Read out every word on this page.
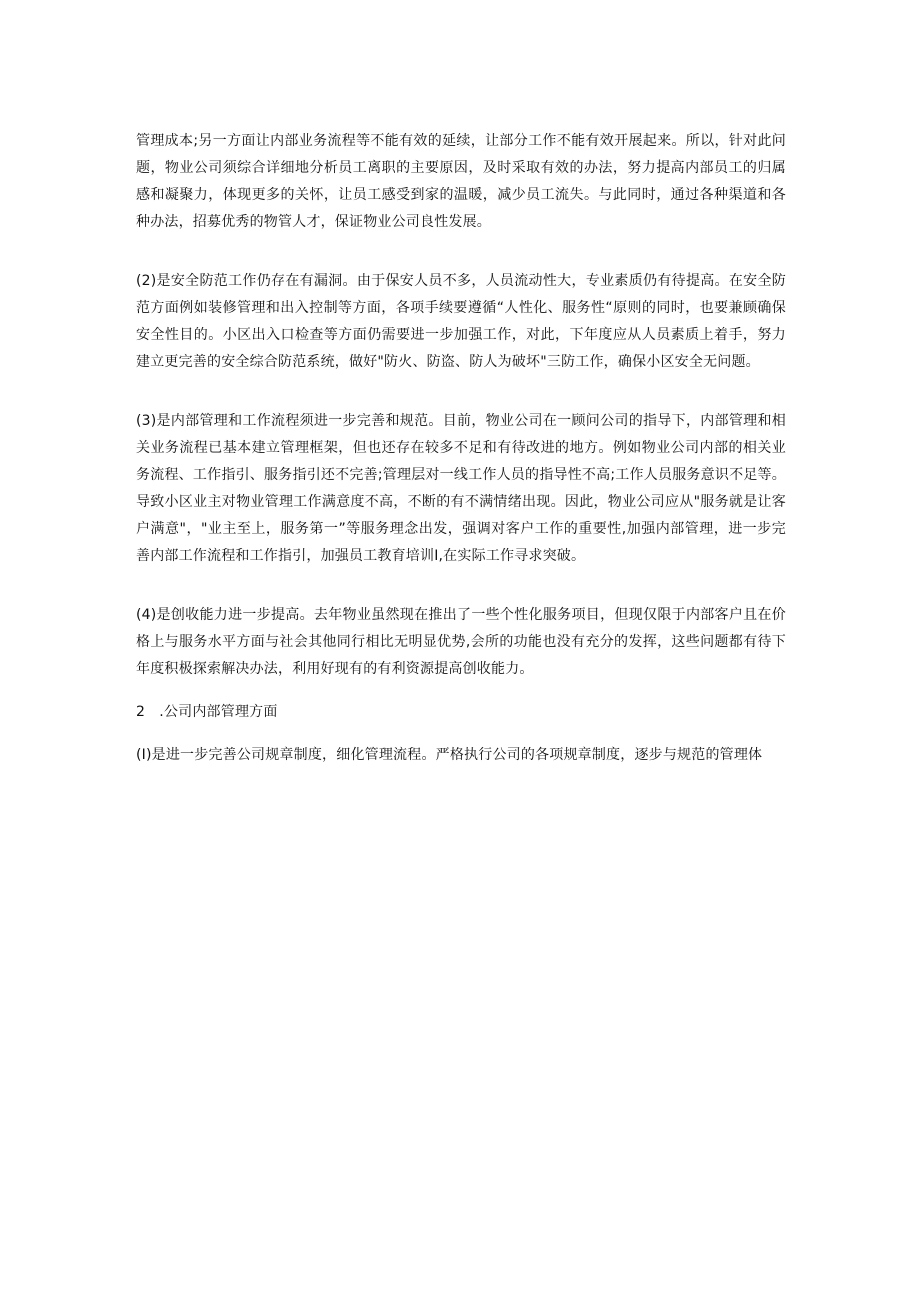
管理成本;另一方面让内部业务流程等不能有效的延续，让部分工作不能有效开展起来。所以，针对此问题，物业公司须综合详细地分析员工离职的主要原因，及时采取有效的办法，努力提高内部员工的归属感和凝聚力，体现更多的关怀，让员工感受到家的温暖，减少员工流失。与此同时，通过各种渠道和各种办法，招募优秀的物管人才，保证物业公司良性发展。

(2)是安全防范工作仍存在有漏洞。由于保安人员不多，人员流动性大，专业素质仍有待提高。在安全防范方面例如装修管理和出入控制等方面，各项手续要遵循“人性化、服务性“原则的同时，也要兼顾确保安全性目的。小区出入口检查等方面仍需要进一步加强工作，对此，下年度应从人员素质上着手，努力建立更完善的安全综合防范系统，做好"防火、防盗、防人为破坏"三防工作，确保小区安全无问题。

(3)是内部管理和工作流程须进一步完善和规范。目前，物业公司在一顾问公司的指导下，内部管理和相关业务流程已基本建立管理框架，但也还存在较多不足和有待改进的地方。例如物业公司内部的相关业务流程、工作指引、服务指引还不完善;管理层对一线工作人员的指导性不高;工作人员服务意识不足等。导致小区业主对物业管理工作满意度不高，不断的有不满情绪出现。因此，物业公司应从"服务就是让客户满意"，"业主至上，服务第一”等服务理念出发，强调对客户工作的重要性,加强内部管理，进一步完善内部工作流程和工作指引，加强员工教育培训I,在实际工作寻求突破。

(4)是创收能力进一步提高。去年物业虽然现在推出了一些个性化服务项目，但现仅限于内部客户且在价格上与服务水平方面与社会其他同行相比无明显优势,会所的功能也没有充分的发挥，这些问题都有待下年度积极探索解决办法，利用好现有的有利资源提高创收能力。

2　.公司内部管理方面

(I)是进一步完善公司规章制度，细化管理流程。严格执行公司的各项规章制度，逐步与规范的管理体
